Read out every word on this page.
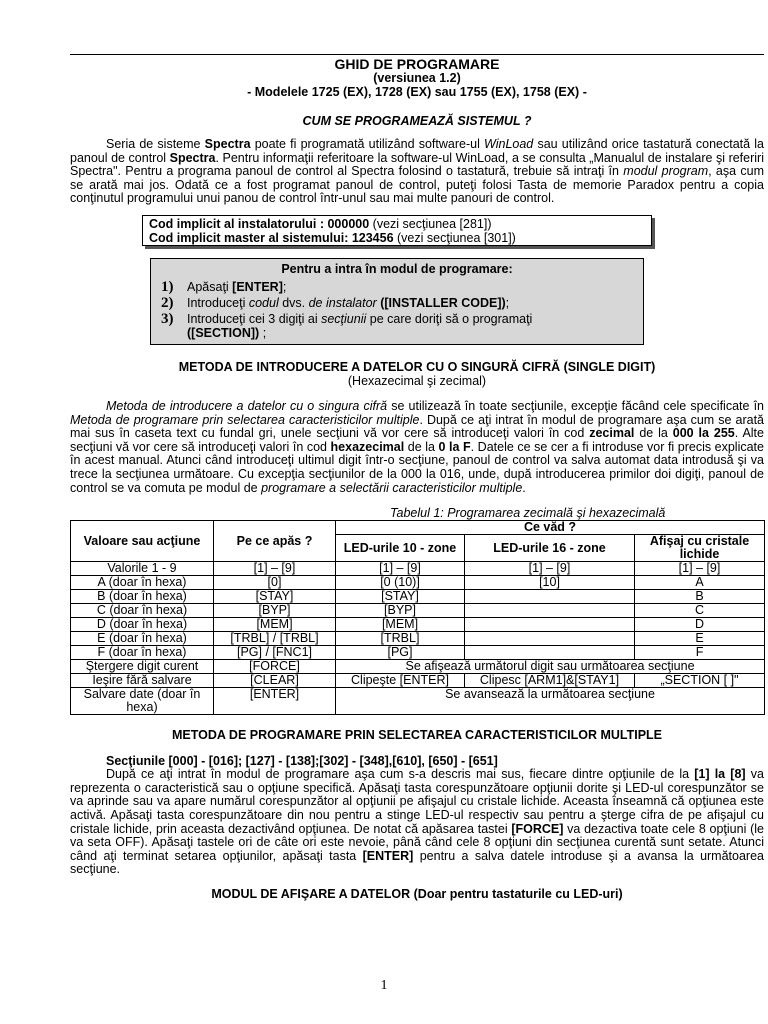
GHID DE PROGRAMARE
(versiunea 1.2)
- Modelele 1725 (EX), 1728 (EX) sau 1755 (EX), 1758 (EX) -
CUM SE PROGRAMEAZĂ SISTEMUL ?

Seria de sisteme Spectra poate fi programată utilizând software-ul WinLoad sau utilizând orice tastatură conectată la panoul de control Spectra. Pentru informaţii referitoare la software-ul WinLoad, a se consulta „Manualul de instalare şi referiri Spectra". Pentru a programa panoul de control al Spectra folosind o tastatură, trebuie să intraţi în modul program, aşa cum se arată mai jos. Odată ce a fost programat panoul de control, puteţi folosi Tasta de memorie Paradox pentru a copia conţinutul programului unui panou de control într-unul sau mai multe panouri de control.

Cod implicit al instalatorului : 000000 (vezi secţiunea [281])
Cod implicit master al sistemului: 123456 (vezi secţiunea [301])
Pentru a intra în modul de programare:
1)	Apăsaţi [ENTER];
2)	Introduceţi codul dvs. de instalator ([INSTALLER CODE]);
3)	Introduceţi cei 3 digiţi ai secţiunii pe care doriţi să o programaţi
([SECTION]) ;
METODA DE INTRODUCERE A DATELOR CU O SINGURĂ CIFRĂ (SINGLE DIGIT)
(Hexazecimal şi zecimal)

Metoda de introducere a datelor cu o singura cifră se utilizează în toate secţiunile, excepţie făcând cele specificate în Metoda de programare prin selectarea caracteristicilor multiple. După ce aţi intrat în modul de programare aşa cum se arată mai sus în caseta text cu fundal gri, unele secţiuni vă vor cere să introduceţi valori în cod zecimal de la 000 la 255. Alte secţiuni vă vor cere să introduceţi valori în cod hexazecimal de la 0 la F. Datele ce se cer a fi introduse vor fi precis explicate în acest manual. Atunci când introduceţi ultimul digit într-o secţiune, panoul de control va salva automat data introdusă şi va trece la secţiunea următoare. Cu excepţia secţiunilor de la 000 la 016, unde, după introducerea primilor doi digiţi, panoul de control se va comuta pe modul de programare a selectării caracteristicilor multiple.

Tabelul 1: Programarea zecimală şi hexazecimală
Valoare sau acţiune	Pe ce apăs ?	Ce văd ?		
		LED-urile 10 - zone	LED-urile 16 - zone	Afişaj cu cristale lichide
Valorile 1 - 9	[1] – [9]	[1] – [9]	[1] – [9]	[1] – [9]
A (doar în hexa)	[0]	[0 (10)]	[10]	A
B (doar în hexa)	[STAY]	[STAY]		B
C (doar în hexa)	[BYP]	[BYP]		C
D (doar în hexa)	[MEM]	[MEM]		D
E (doar în hexa)	[TRBL] / [TRBL]	[TRBL]		E
F (doar în hexa)	[PG] / [FNC1]	[PG]		F
Ştergere digit curent	[FORCE]	Se afişează următorul digit sau următoarea secţiune		
Ieşire fără salvare	[CLEAR]	Clipeşte [ENTER]	Clipesc [ARM1]&[STAY1]	„SECTION [ ]"
Salvare date (doar în hexa)	[ENTER]	Se avansează la următoarea secţiune		
METODA DE PROGRAMARE PRIN SELECTAREA CARACTERISTICILOR MULTIPLE
Secţiunile [000] - [016]; [127] - [138];[302] - [348],[610], [650] - [651]

După ce aţi intrat în modul de programare aşa cum s-a descris mai sus, fiecare dintre opţiunile de la [1] la [8] va reprezenta o caracteristică sau o opţiune specifică. Apăsaţi tasta corespunzătoare opţiunii dorite şi LED-ul corespunzător se va aprinde sau va apare numărul corespunzător al opţiunii pe afişajul cu cristale lichide. Aceasta înseamnă că opţiunea este activă. Apăsaţi tasta corespunzătoare din nou pentru a stinge LED-ul respectiv sau pentru a şterge cifra de pe afişajul cu cristale lichide, prin aceasta dezactivând opţiunea. De notat că apăsarea tastei [FORCE] va dezactiva toate cele 8 opţiuni (le va seta OFF). Apăsaţi tastele ori de câte ori este nevoie, până când cele 8 opţiuni din secţiunea curentă sunt setate. Atunci când aţi terminat setarea opţiunilor, apăsaţi tasta [ENTER] pentru a salva datele introduse şi a avansa la următoarea secţiune.

MODUL DE AFIŞARE A DATELOR (Doar pentru tastaturile cu LED-uri)
1
